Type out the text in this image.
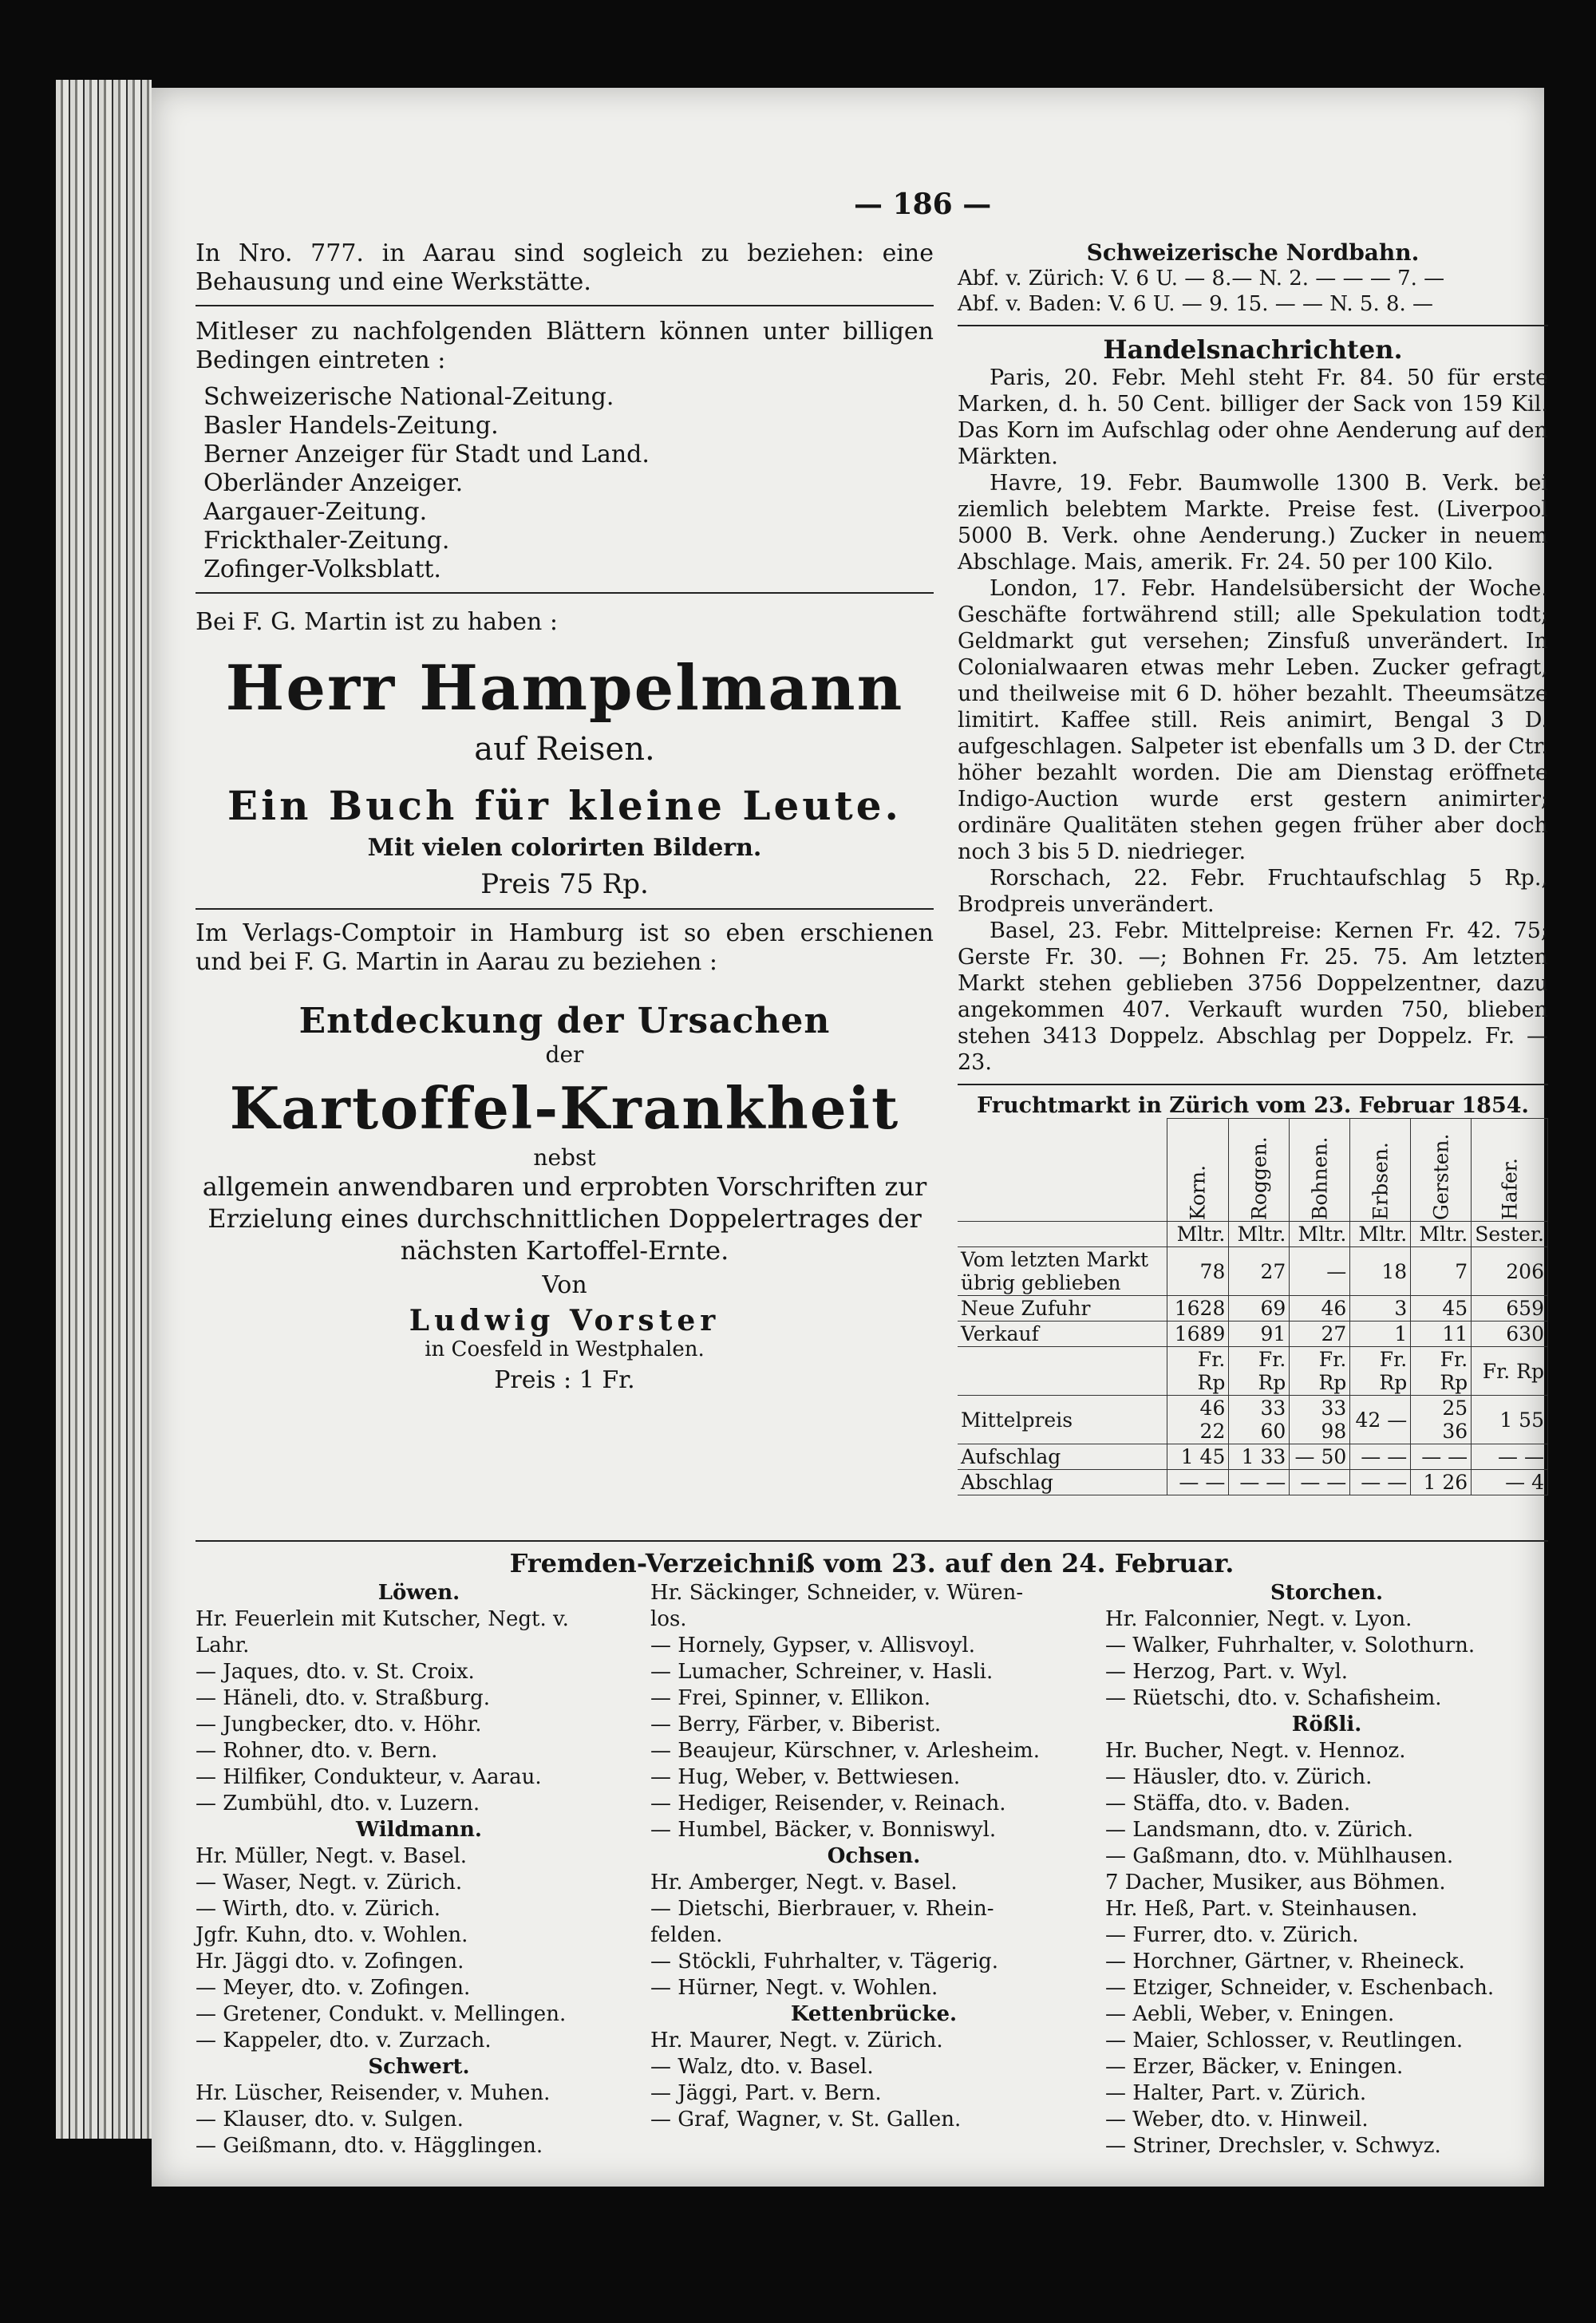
— 186 —
In Nro. 777. in Aarau sind sogleich zu beziehen: eine Behausung und eine Werkstätte.
Mitleser zu nachfolgenden Blättern können unter billigen Bedingen eintreten :
Schweizerische National-Zeitung.
Basler Handels-Zeitung.
Berner Anzeiger für Stadt und Land.
Oberländer Anzeiger.
Aargauer-Zeitung.
Frickthaler-Zeitung.
Zofinger-Volksblatt.
Bei F. G. Martin ist zu haben :
Herr Hampelmann
auf Reisen.
Ein Buch für kleine Leute.
Mit vielen colorirten Bildern.
Preis 75 Rp.
Im Verlags-Comptoir in Hamburg ist so eben erschienen und bei F. G. Martin in Aarau zu beziehen :
Entdeckung der Ursachen
der
Kartoffel-Krankheit
nebst
allgemein anwendbaren und erprobten Vorschriften zur Erzielung eines durchschnittlichen Doppelertrages der nächsten Kartoffel-Ernte.
Von
Ludwig Vorster
in Coesfeld in Westphalen.
Preis : 1 Fr.
Schweizerische Nordbahn.
Abf. v. Zürich: V. 6 U. — 8.— N. 2. — — — 7. —
Abf. v. Baden: V. 6 U. — 9. 15. — — N. 5. 8. —
Handelsnachrichten.
Paris, 20. Febr. Mehl steht Fr. 84. 50 für erste Marken, d. h. 50 Cent. billiger der Sack von 159 Kil. Das Korn im Aufschlag oder ohne Aenderung auf den Märkten.
Havre, 19. Febr. Baumwolle 1300 B. Verk. bei ziemlich belebtem Markte. Preise fest. (Liverpool 5000 B. Verk. ohne Aenderung.) Zucker in neuem Abschlage. Mais, amerik. Fr. 24. 50 per 100 Kilo.
London, 17. Febr. Handelsübersicht der Woche. Geschäfte fortwährend still; alle Spekulation todt; Geldmarkt gut versehen; Zinsfuß unverändert. In Colonialwaaren etwas mehr Leben. Zucker gefragt, und theilweise mit 6 D. höher bezahlt. Theeumsätze limitirt. Kaffee still. Reis animirt, Bengal 3 D. aufgeschlagen. Salpeter ist ebenfalls um 3 D. der Ctr. höher bezahlt worden. Die am Dienstag eröffnete Indigo-Auction wurde erst gestern animirter; ordinäre Qualitäten stehen gegen früher aber doch noch 3 bis 5 D. niedrieger.
Rorschach, 22. Febr. Fruchtaufschlag 5 Rp., Brodpreis unverändert.
Basel, 23. Febr. Mittelpreise: Kernen Fr. 42. 75; Gerste Fr. 30. —; Bohnen Fr. 25. 75. Am letzten Markt stehen geblieben 3756 Doppelzentner, dazu angekommen 407. Verkauft wurden 750, blieben stehen 3413 Doppelz. Abschlag per Doppelz. Fr. — 23.
Fruchtmarkt in Zürich vom 23. Februar 1854.
	Korn.	Roggen.	Bohnen.	Erbsen.	Gersten.	Hafer.
	Mltr.	Mltr.	Mltr.	Mltr.	Mltr.	Sester.
Vom letzten Markt übrig geblieben	78	27	—	18	7	206
Neue Zufuhr	1628	69	46	3	45	659
Verkauf	1689	91	27	1	11	630
	Fr. Rp	Fr. Rp	Fr. Rp	Fr. Rp	Fr. Rp	Fr. Rp
Mittelpreis	46 22	33 60	33 98	42 —	25 36	1 55
Aufschlag	1 45	1 33	— 50	— —	— —	— —
Abschlag	— —	— —	— —	— —	1 26	— 4
Fremden-Verzeichniß vom 23. auf den 24. Februar.
Löwen.
Hr. Feuerlein mit Kutscher, Negt. v.
Lahr.
— Jaques, dto. v. St. Croix.
— Häneli, dto. v. Straßburg.
— Jungbecker, dto. v. Höhr.
— Rohner, dto. v. Bern.
— Hilfiker, Condukteur, v. Aarau.
— Zumbühl, dto. v. Luzern.
Wildmann.
Hr. Müller, Negt. v. Basel.
— Waser, Negt. v. Zürich.
— Wirth, dto. v. Zürich.
Jgfr. Kuhn, dto. v. Wohlen.
Hr. Jäggi dto. v. Zofingen.
— Meyer, dto. v. Zofingen.
— Gretener, Condukt. v. Mellingen.
— Kappeler, dto. v. Zurzach.
Schwert.
Hr. Lüscher, Reisender, v. Muhen.
— Klauser, dto. v. Sulgen.
— Geißmann, dto. v. Hägglingen.
Hr. Säckinger, Schneider, v. Würen-
los.
— Hornely, Gypser, v. Allisvoyl.
— Lumacher, Schreiner, v. Hasli.
— Frei, Spinner, v. Ellikon.
— Berry, Färber, v. Biberist.
— Beaujeur, Kürschner, v. Arlesheim.
— Hug, Weber, v. Bettwiesen.
— Hediger, Reisender, v. Reinach.
— Humbel, Bäcker, v. Bonniswyl.
Ochsen.
Hr. Amberger, Negt. v. Basel.
— Dietschi, Bierbrauer, v. Rhein-
felden.
— Stöckli, Fuhrhalter, v. Tägerig.
— Hürner, Negt. v. Wohlen.
Kettenbrücke.
Hr. Maurer, Negt. v. Zürich.
— Walz, dto. v. Basel.
— Jäggi, Part. v. Bern.
— Graf, Wagner, v. St. Gallen.
Storchen.
Hr. Falconnier, Negt. v. Lyon.
— Walker, Fuhrhalter, v. Solothurn.
— Herzog, Part. v. Wyl.
— Rüetschi, dto. v. Schafisheim.
Rößli.
Hr. Bucher, Negt. v. Hennoz.
— Häusler, dto. v. Zürich.
— Stäffa, dto. v. Baden.
— Landsmann, dto. v. Zürich.
— Gaßmann, dto. v. Mühlhausen.
7 Dacher, Musiker, aus Böhmen.
Hr. Heß, Part. v. Steinhausen.
— Furrer, dto. v. Zürich.
— Horchner, Gärtner, v. Rheineck.
— Etziger, Schneider, v. Eschenbach.
— Aebli, Weber, v. Eningen.
— Maier, Schlosser, v. Reutlingen.
— Erzer, Bäcker, v. Eningen.
— Halter, Part. v. Zürich.
— Weber, dto. v. Hinweil.
— Striner, Drechsler, v. Schwyz.
